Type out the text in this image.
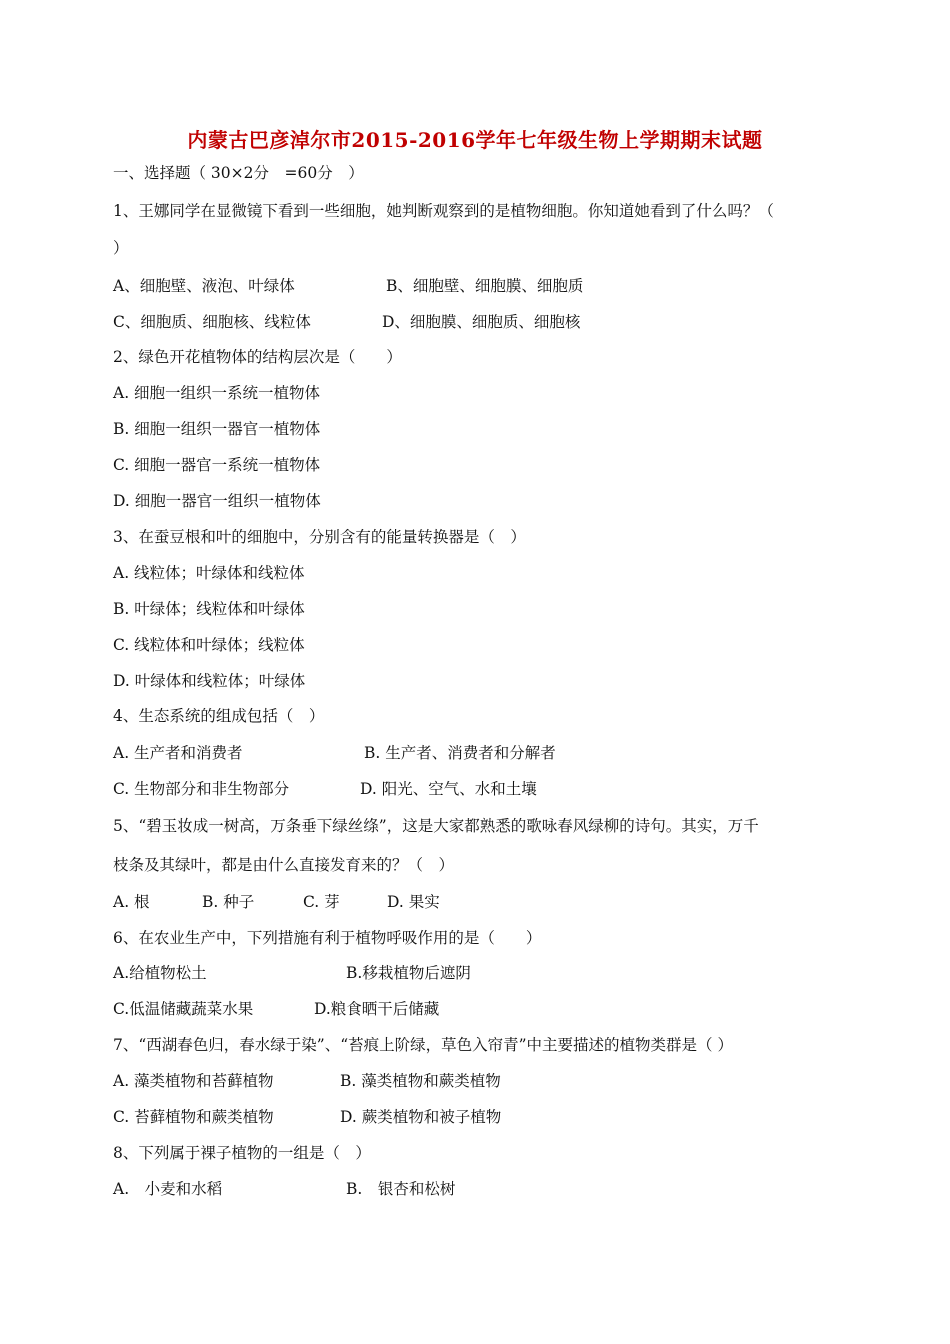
内蒙古巴彦淖尔市2015-2016学年七年级生物上学期期末试题
一、选择题（ 30×2分　=60分　）
1、王娜同学在显微镜下看到一些细胞，她判断观察到的是植物细胞。你知道她看到了什么吗？（
）
A、细胞壁、液泡、叶绿体	B、细胞壁、细胞膜、细胞质
C、细胞质、细胞核、线粒体	D、细胞膜、细胞质、细胞核
2、绿色开花植物体的结构层次是（　　）
A. 细胞一组织一系统一植物体
B. 细胞一组织一器官一植物体
C. 细胞一器官一系统一植物体
D. 细胞一器官一组织一植物体
3、在蚕豆根和叶的细胞中，分别含有的能量转换器是（　）
A. 线粒体；叶绿体和线粒体
B. 叶绿体；线粒体和叶绿体
C. 线粒体和叶绿体；线粒体
D. 叶绿体和线粒体；叶绿体
4、生态系统的组成包括（　）
A. 生产者和消费者	B. 生产者、消费者和分解者
C. 生物部分和非生物部分	D. 阳光、空气、水和土壤
5、“碧玉妆成一树高，万条垂下绿丝绦”，这是大家都熟悉的歌咏春风绿柳的诗句。其实，万千
枝条及其绿叶，都是由什么直接发育来的？（　）
A. 根	B. 种子	C. 芽	D. 果实
6、在农业生产中，下列措施有利于植物呼吸作用的是（　　）
A.给植物松土	B.移栽植物后遮阴
C.低温储藏蔬菜水果	D.粮食晒干后储藏
7、“西湖春色归，春水绿于染”、“苔痕上阶绿，草色入帘青”中主要描述的植物类群是（ ）
A. 藻类植物和苔藓植物	B. 藻类植物和蕨类植物
C. 苔藓植物和蕨类植物	D. 蕨类植物和被子植物
8、下列属于裸子植物的一组是（　）
A.　小麦和水稻	B.　银杏和松树
